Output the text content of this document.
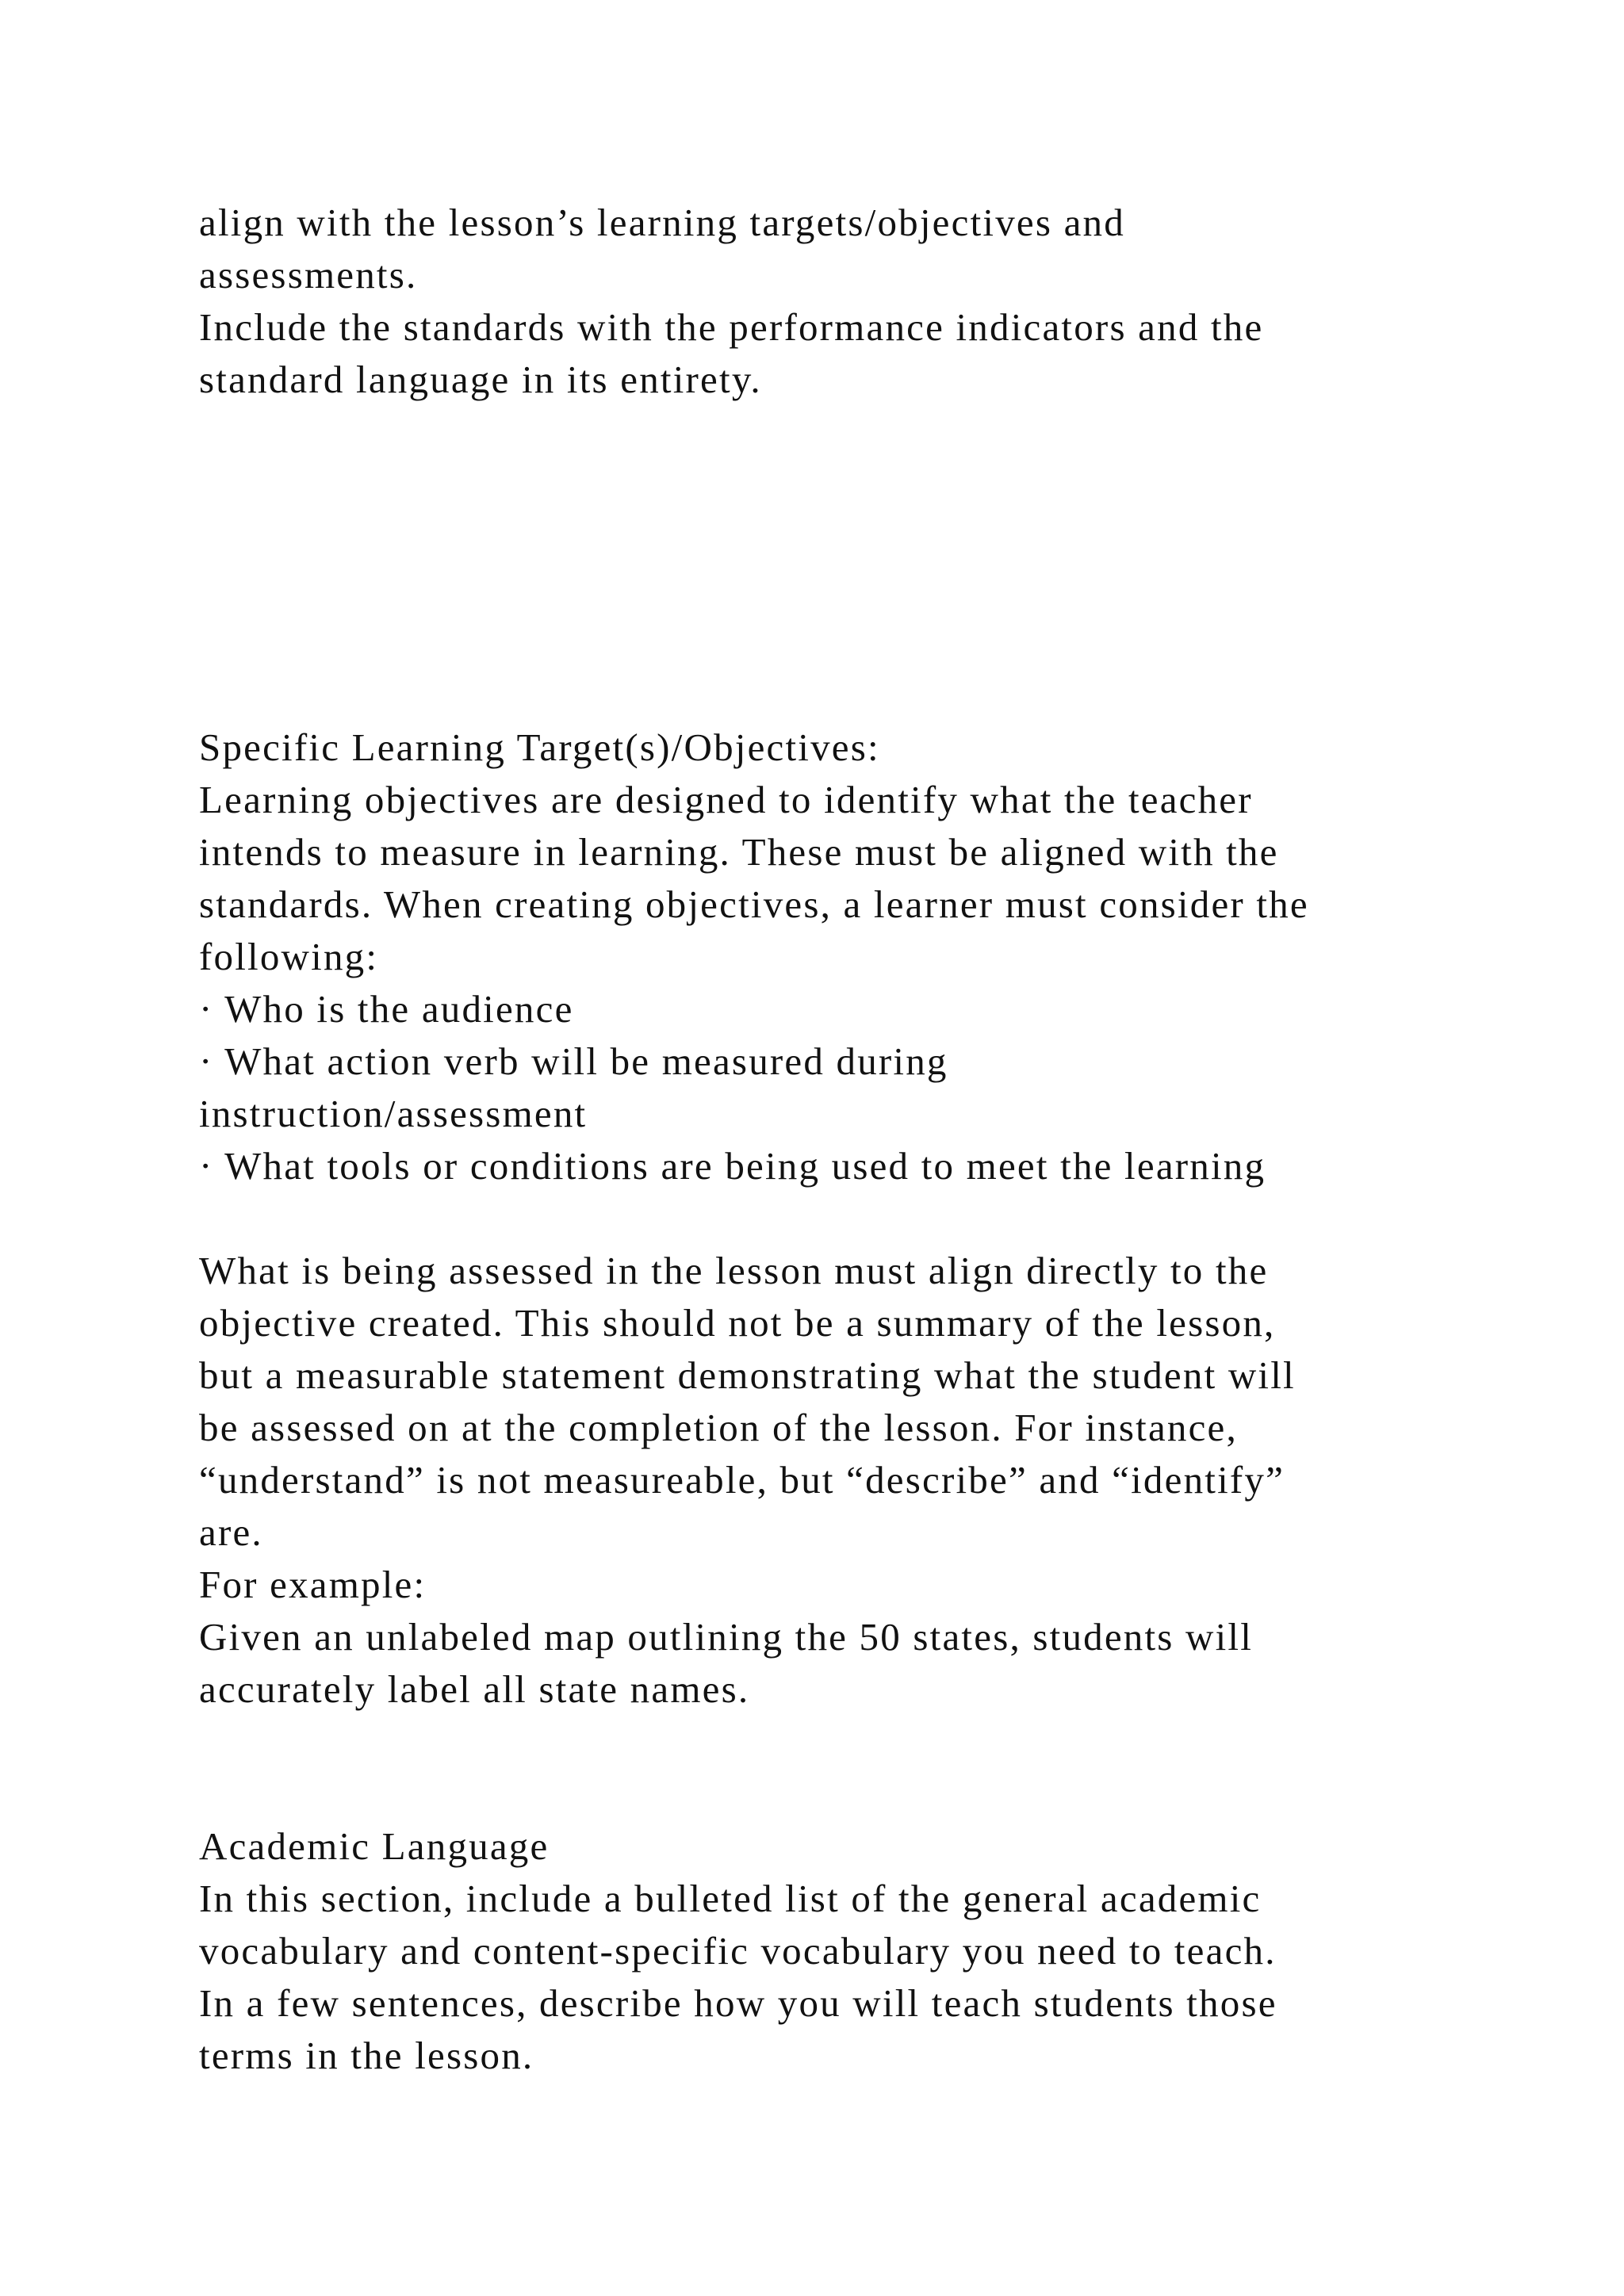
align with the lesson’s learning targets/objectives and

assessments.

Include the standards with the performance indicators and the

standard language in its entirety.

Specific Learning Target(s)/Objectives:

Learning objectives are designed to identify what the teacher

intends to measure in learning. These must be aligned with the

standards. When creating objectives, a learner must consider the

following:

· Who is the audience

· What action verb will be measured during

instruction/assessment

· What tools or conditions are being used to meet the learning

What is being assessed in the lesson must align directly to the

objective created. This should not be a summary of the lesson,

but a measurable statement demonstrating what the student will

be assessed on at the completion of the lesson. For instance,

“understand” is not measureable, but “describe” and “identify”

are.

For example:

Given an unlabeled map outlining the 50 states, students will

accurately label all state names.

Academic Language

In this section, include a bulleted list of the general academic

vocabulary and content-specific vocabulary you need to teach.

In a few sentences, describe how you will teach students those

terms in the lesson.
